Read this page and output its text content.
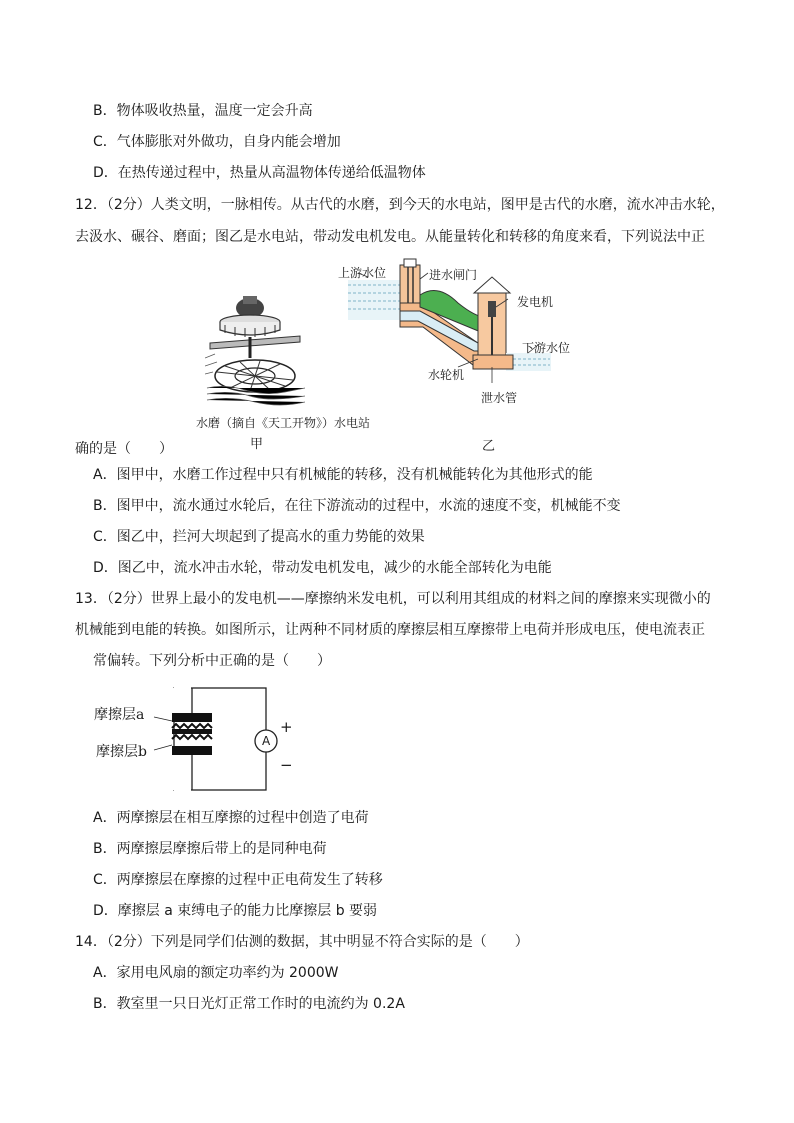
B．物体吸收热量，温度一定会升高
C．气体膨胀对外做功，自身内能会增加
D．在热传递过程中，热量从高温物体传递给低温物体
12．（2分）人类文明，一脉相传。从古代的水磨，到今天的水电站，图甲是古代的水磨，流水冲击水轮，
去汲水、碾谷、磨面；图乙是水电站，带动发电机发电。从能量转化和转移的角度来看，下列说法中正
上游水位	进水闸门
发电机
下游水位
水轮机
泄水管
水磨（摘自《天工开物》）水电站
甲	乙
确的是（　　）
A．图甲中，水磨工作过程中只有机械能的转移，没有机械能转化为其他形式的能
B．图甲中，流水通过水轮后，在往下游流动的过程中，水流的速度不变，机械能不变
C．图乙中，拦河大坝起到了提高水的重力势能的效果
D．图乙中，流水冲击水轮，带动发电机发电，减少的水能全部转化为电能
13．（2分）世界上最小的发电机——摩擦纳米发电机，可以利用其组成的材料之间的摩擦来实现微小的
机械能到电能的转换。如图所示，让两种不同材质的摩擦层相互摩擦带上电荷并形成电压，使电流表正
常偏转。下列分析中正确的是（　　）
A
+
−
摩擦层a
摩擦层b
A．两摩擦层在相互摩擦的过程中创造了电荷
B．两摩擦层摩擦后带上的是同种电荷
C．两摩擦层在摩擦的过程中正电荷发生了转移
D．摩擦层 a 束缚电子的能力比摩擦层 b 要弱
14．（2分）下列是同学们估测的数据，其中明显不符合实际的是（　　）
A．家用电风扇的额定功率约为 2000W
B．教室里一只日光灯正常工作时的电流约为 0.2A
